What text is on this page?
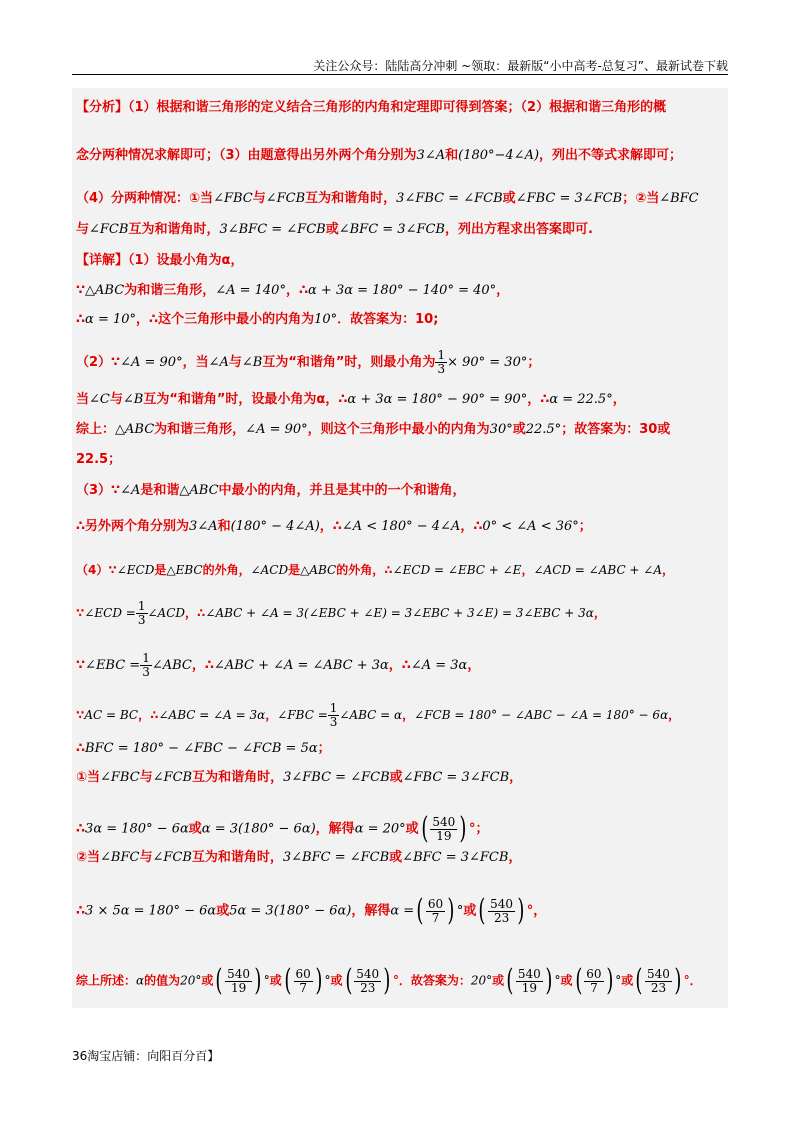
关注公众号：陆陆高分冲刺 ~领取：最新版“小中高考-总复习”、最新试卷下载
【分析】（1）根据和谐三角形的定义结合三角形的内角和定理即可得到答案；（2）根据和谐三角形的概
念分两种情况求解即可；（3）由题意得出另外两个角分别为3∠A和(180°−4∠A)，列出不等式求解即可；
（4）分两种情况：①当∠FBC与∠FCB互为和谐角时，3∠FBC = ∠FCB或∠FBC = 3∠FCB；②当∠BFC
与∠FCB互为和谐角时，3∠BFC = ∠FCB或∠BFC = 3∠FCB，列出方程求出答案即可.
【详解】（1）设最小角为α，
∵△ABC为和谐三角形，∠A = 140°，∴α + 3α = 180° − 140° = 40°，
∴α = 10°，∴这个三角形中最小的内角为10°．故答案为：10;
（2）∵∠A = 90°，当∠A与∠B互为“和谐角”时，则最小角为 $\frac{1}{3} \times 90^\circ = 30^\circ$；
当∠C与∠B互为“和谐角”时，设最小角为α，∴α + 3α = 180° − 90° = 90°，∴α = 22.5°，
综上：△ABC为和谐三角形，∠A = 90°，则这个三角形中最小的内角为30°或22.5°；故答案为：30或
22.5；
（3）∵∠A是和谐△ABC中最小的内角，并且是其中的一个和谐角，
∴另外两个角分别为3∠A和(180° − 4∠A)，∴∠A < 180° − 4∠A，∴0° < ∠A < 36°；
（4）∵∠ECD是△EBC的外角，∠ACD是△ABC的外角，∴∠ECD = ∠EBC + ∠E，∠ACD = ∠ABC + ∠A，
∵∠ECD = $\frac{1}{3}$ ∠ACD，∴∠ABC + ∠A = 3(∠EBC + ∠E) = 3∠EBC + 3∠E) = 3∠EBC + 3α，
∵∠EBC = $\frac{1}{3}$ ∠ABC，∴∠ABC + ∠A = ∠ABC + 3α，∴∠A = 3α，
∵AC = BC，∴∠ABC = ∠A = 3α，∠FBC = $\frac{1}{3}$ ∠ABC = α，∠FCB = 180° − ∠ABC − ∠A = 180° − 6α，
∴BFC = 180° − ∠FBC − ∠FCB = 5α；
①当∠FBC与∠FCB互为和谐角时，3∠FBC = ∠FCB或∠FBC = 3∠FCB，
∴3α = 180° − 6α或α = 3(180° − 6α)，解得α = 20°或( $\frac{540}{19}$ ) °；
②当∠BFC与∠FCB互为和谐角时，3∠BFC = ∠FCB或∠BFC = 3∠FCB，
∴3 × 5α = 180° − 6α或5α = 3(180° − 6α)，解得α =( $\frac{60}{7}$ ) °或( $\frac{540}{23}$ ) °，
综上所述：α的值为20°或( $\frac{540}{19}$ ) °或( $\frac{60}{7}$ ) °或( $\frac{540}{23}$ ) °．故答案为：20°或( $\frac{540}{19}$ ) °或( $\frac{60}{7}$ ) °或( $\frac{540}{23}$ ) °．
36淘宝店铺：向阳百分百】
